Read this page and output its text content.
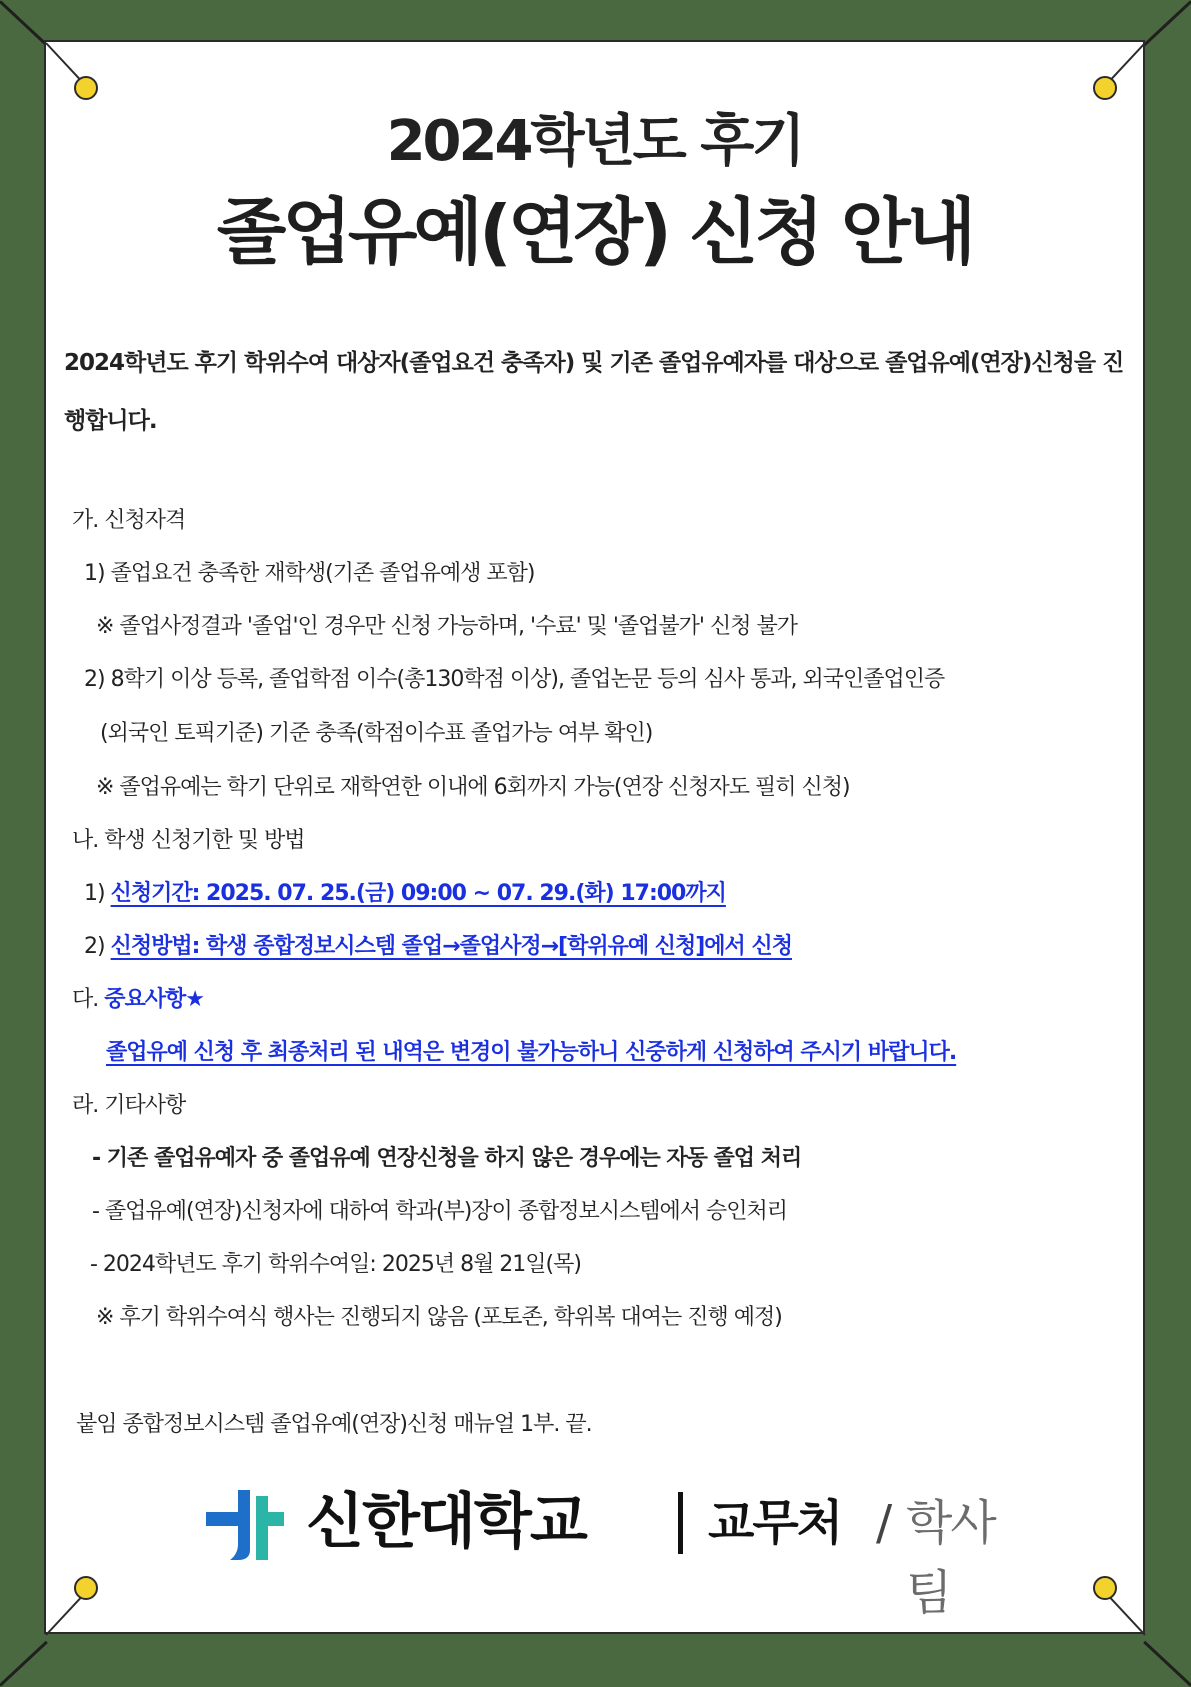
2024학년도 후기
졸업유예(연장) 신청 안내
2024학년도 후기 학위수여 대상자(졸업요건 충족자) 및 기존 졸업유예자를 대상으로 졸업유예(연장)신청을 진행합니다.
가. 신청자격
1) 졸업요건 충족한 재학생(기존 졸업유예생 포함)
※ 졸업사정결과 '졸업'인 경우만 신청 가능하며, '수료' 및 '졸업불가' 신청 불가
2) 8학기 이상 등록, 졸업학점 이수(총130학점 이상), 졸업논문 등의 심사 통과, 외국인졸업인증
(외국인 토픽기준) 기준 충족(학점이수표 졸업가능 여부 확인)
※ 졸업유예는 학기 단위로 재학연한 이내에 6회까지 가능(연장 신청자도 필히 신청)
나. 학생 신청기한 및 방법
1) 신청기간: 2025. 07. 25.(금) 09:00 ~ 07. 29.(화) 17:00까지
2) 신청방법: 학생 종합정보시스템 졸업→졸업사정→[학위유예 신청]에서 신청
다. 중요사항★
졸업유예 신청 후 최종처리 된 내역은 변경이 불가능하니 신중하게 신청하여 주시기 바랍니다.
라. 기타사항
- 기존 졸업유예자 중 졸업유예 연장신청을 하지 않은 경우에는 자동 졸업 처리
- 졸업유예(연장)신청자에 대하여 학과(부)장이 종합정보시스템에서 승인처리
- 2024학년도 후기 학위수여일: 2025년 8월 21일(목)
※ 후기 학위수여식 행사는 진행되지 않음 (포토존, 학위복 대여는 진행 예정)
붙임 종합정보시스템 졸업유예(연장)신청 매뉴얼 1부. 끝.
신한대학교	교무처 / 학사팀
